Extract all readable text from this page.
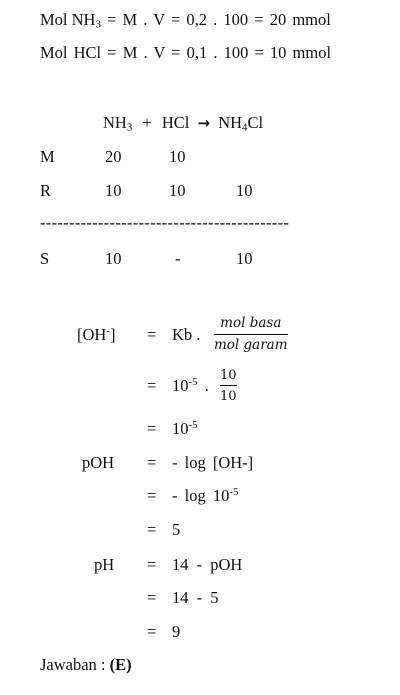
Mol $NH_3 = M$ . V = 0,2 . 100 = 20 mmol
Mol HCl = M . V = 0,1 . 100 = 10 mmol
$NH_3$ + HCl → $NH_4Cl$
M	20	10
R	10	10	10
-------------------------------------------
S	10	-	10
[OH-] = Kb .
mol basa
mol garam
= $10^{-5}$ .
10
10
= $10^{-5}$
pOH = - log [OH-]
= - $\log 10^{-5}$
= 5
pH = 14 - pOH
= 14 - 5
= 9
Jawaban : (E)
